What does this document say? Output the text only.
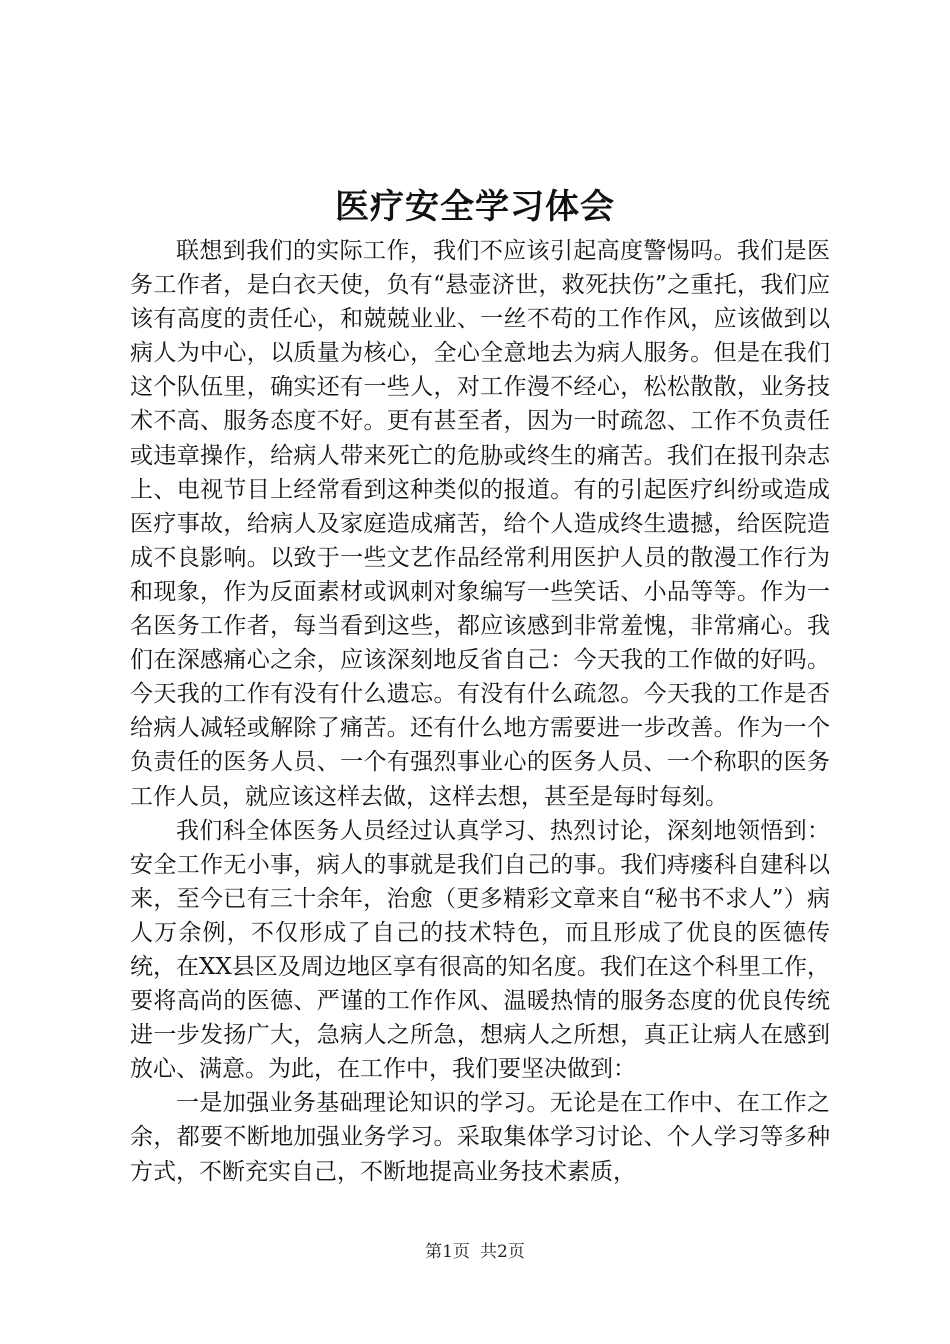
医疗安全学习体会

联想到我们的实际工作，我们不应该引起高度警惕吗。我们是医务工作者，是白衣天使，负有“悬壶济世，救死扶伤”之重托，我们应该有高度的责任心，和兢兢业业、一丝不苟的工作作风，应该做到以病人为中心，以质量为核心，全心全意地去为病人服务。但是在我们这个队伍里，确实还有一些人，对工作漫不经心，松松散散，业务技术不高、服务态度不好。更有甚至者，因为一时疏忽、工作不负责任或违章操作，给病人带来死亡的危胁或终生的痛苦。我们在报刊杂志上、电视节目上经常看到这种类似的报道。有的引起医疗纠纷或造成医疗事故，给病人及家庭造成痛苦，给个人造成终生遗撼，给医院造成不良影响。以致于一些文艺作品经常利用医护人员的散漫工作行为和现象，作为反面素材或讽刺对象编写一些笑话、小品等等。作为一名医务工作者，每当看到这些，都应该感到非常羞愧，非常痛心。我们在深感痛心之余，应该深刻地反省自己：今天我的工作做的好吗。今天我的工作有没有什么遗忘。有没有什么疏忽。今天我的工作是否给病人减轻或解除了痛苦。还有什么地方需要进一步改善。作为一个负责任的医务人员、一个有强烈事业心的医务人员、一个称职的医务工作人员，就应该这样去做，这样去想，甚至是每时每刻。

我们科全体医务人员经过认真学习、热烈讨论，深刻地领悟到：安全工作无小事，病人的事就是我们自己的事。我们痔瘘科自建科以来，至今已有三十余年，治愈（更多精彩文章来自“秘书不求人”）病人万余例，不仅形成了自己的技术特色，而且形成了优良的医德传统，在XX县区及周边地区享有很高的知名度。我们在这个科里工作，要将高尚的医德、严谨的工作作风、温暖热情的服务态度的优良传统进一步发扬广大，急病人之所急，想病人之所想，真正让病人在感到放心、满意。为此，在工作中，我们要坚决做到：

一是加强业务基础理论知识的学习。无论是在工作中、在工作之余，都要不断地加强业务学习。采取集体学习讨论、个人学习等多种方式，不断充实自己，不断地提高业务技术素质，

第1页 共2页
